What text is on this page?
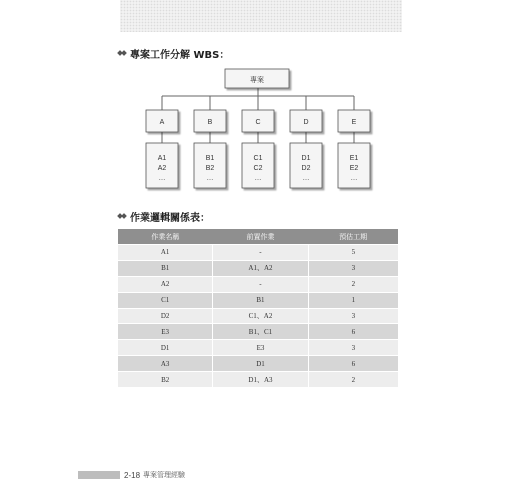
專案工作分解 WBS：
專案
A
A1
A2
…
B
B1
B2
…
C
C1
C2
…
D
D1
D2
…
E
E1
E2
…
作業邏輯關係表：
作業名稱	前置作業	預估工期
A1	-	5
B1	A1、A2	3
A2	-	2
C1	B1	1
D2	C1、A2	3
E3	B1、C1	6
D1	E3	3
A3	D1	6
B2	D1、A3	2
2-18 專案管理經驗
